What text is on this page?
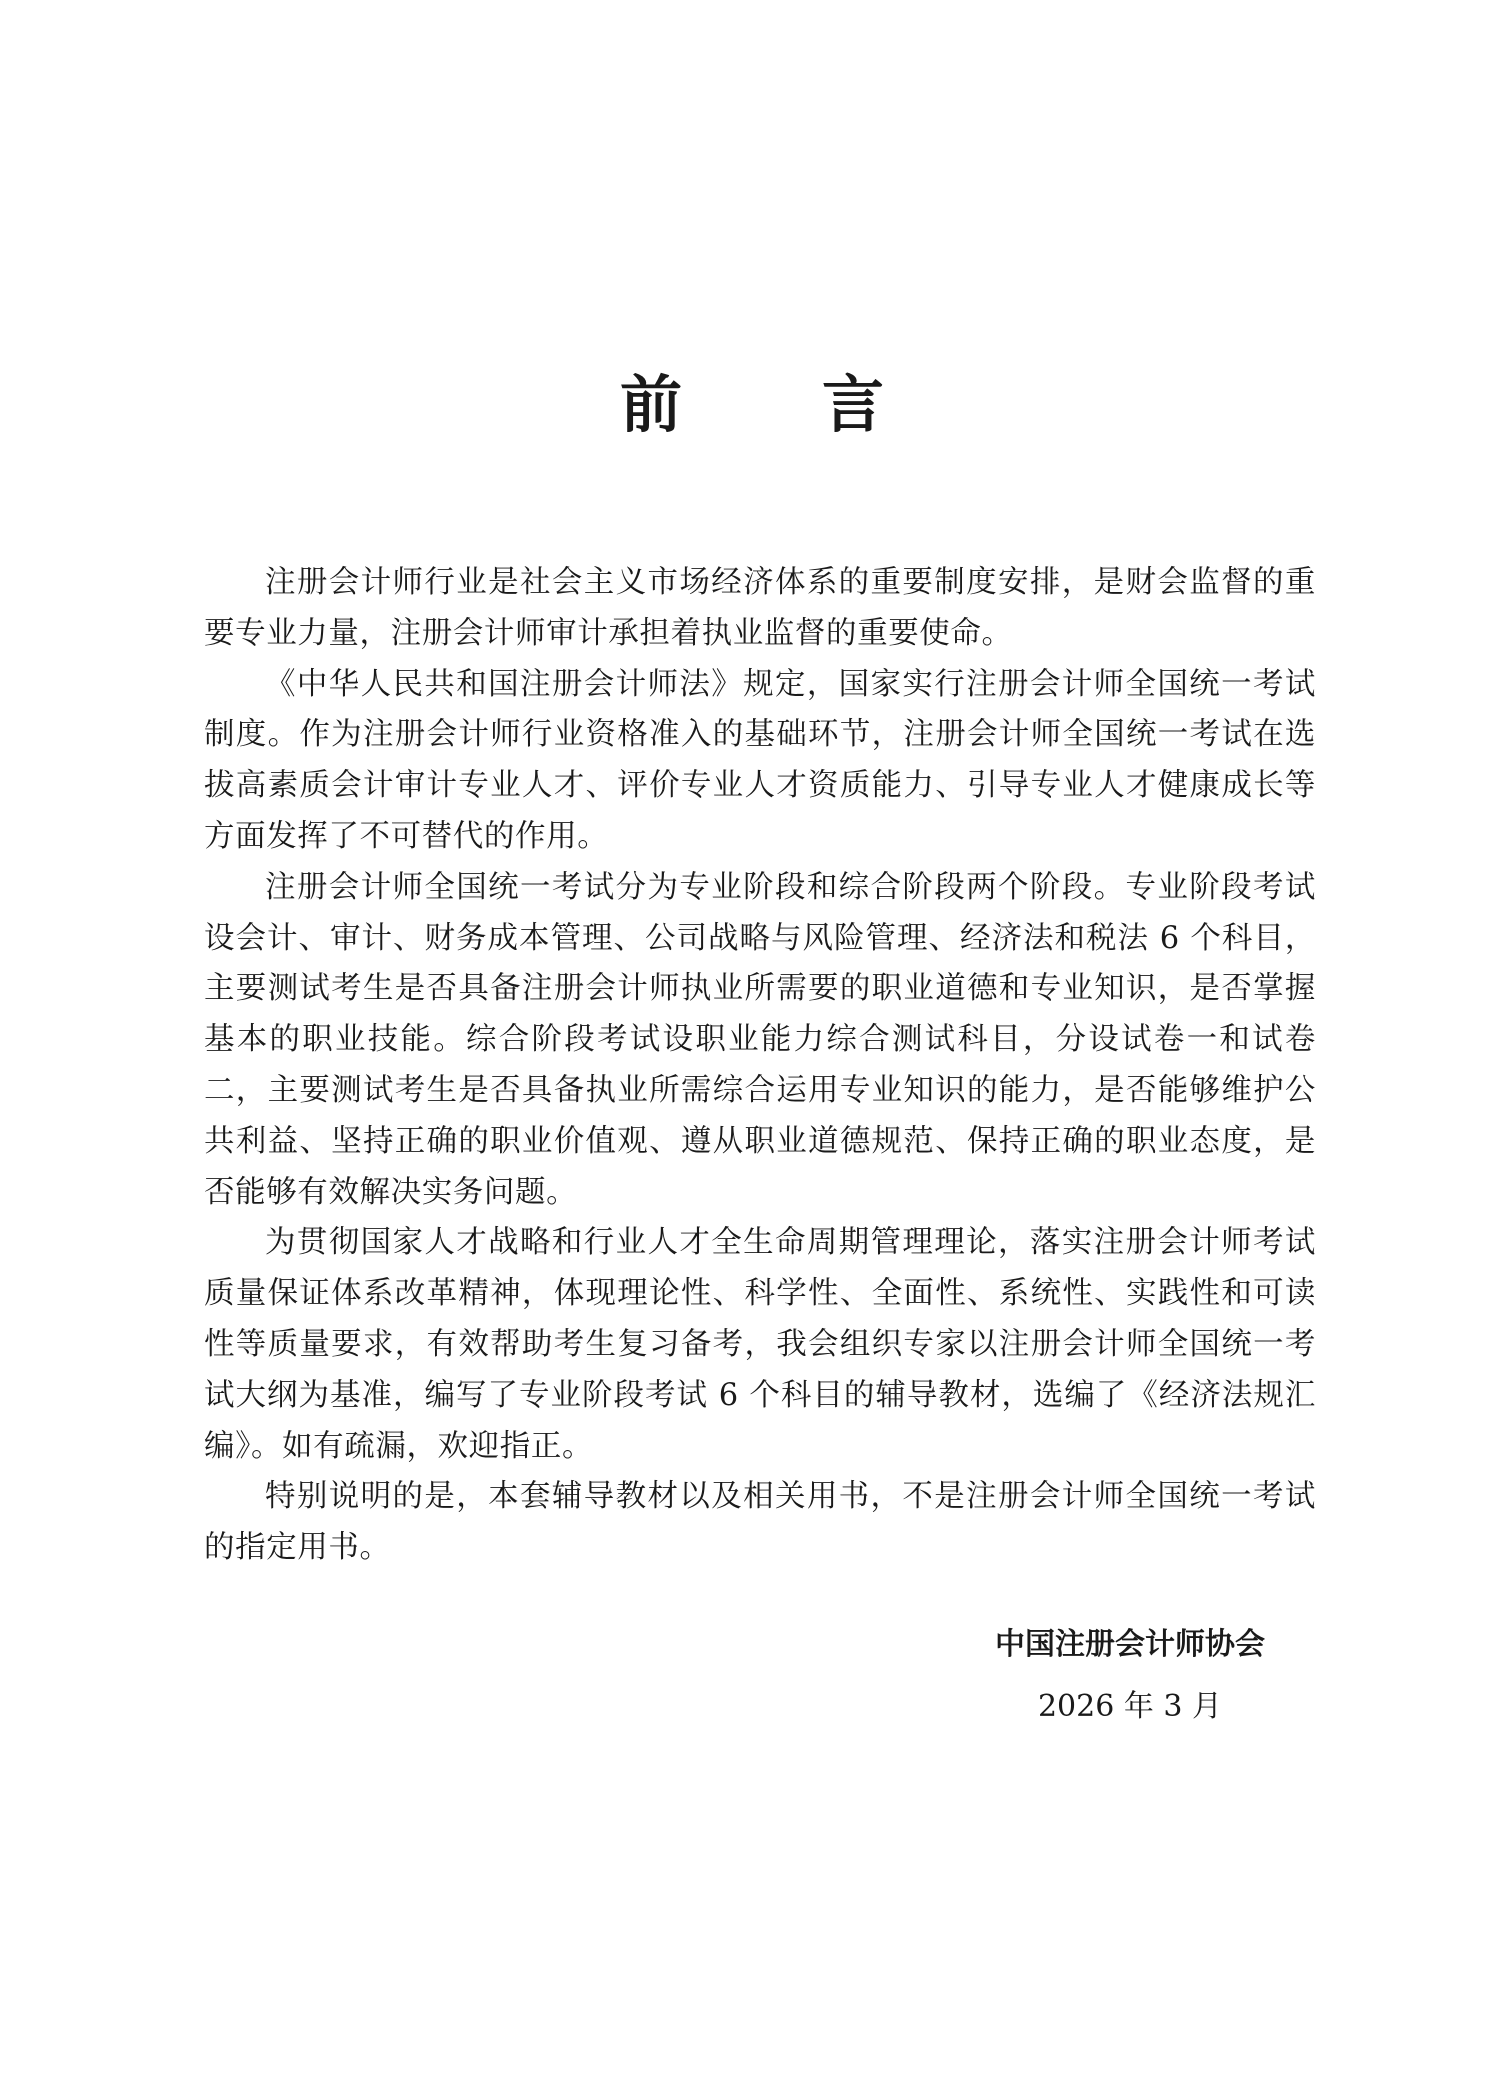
前 言

注册会计师行业是社会主义市场经济体系的重要制度安排，是财会监督的重要专业力量，注册会计师审计承担着执业监督的重要使命。

《中华人民共和国注册会计师法》规定，国家实行注册会计师全国统一考试制度。作为注册会计师行业资格准入的基础环节，注册会计师全国统一考试在选拔高素质会计审计专业人才、评价专业人才资质能力、引导专业人才健康成长等方面发挥了不可替代的作用。

注册会计师全国统一考试分为专业阶段和综合阶段两个阶段。专业阶段考试设会计、审计、财务成本管理、公司战略与风险管理、经济法和税法 6 个科目，主要测试考生是否具备注册会计师执业所需要的职业道德和专业知识，是否掌握基本的职业技能。综合阶段考试设职业能力综合测试科目，分设试卷一和试卷二，主要测试考生是否具备执业所需综合运用专业知识的能力，是否能够维护公共利益、坚持正确的职业价值观、遵从职业道德规范、保持正确的职业态度，是否能够有效解决实务问题。

为贯彻国家人才战略和行业人才全生命周期管理理论，落实注册会计师考试质量保证体系改革精神，体现理论性、科学性、全面性、系统性、实践性和可读性等质量要求，有效帮助考生复习备考，我会组织专家以注册会计师全国统一考试大纲为基准，编写了专业阶段考试 6 个科目的辅导教材，选编了《经济法规汇编》。如有疏漏，欢迎指正。

特别说明的是，本套辅导教材以及相关用书，不是注册会计师全国统一考试的指定用书。

中国注册会计师协会
2026 年 3 月
